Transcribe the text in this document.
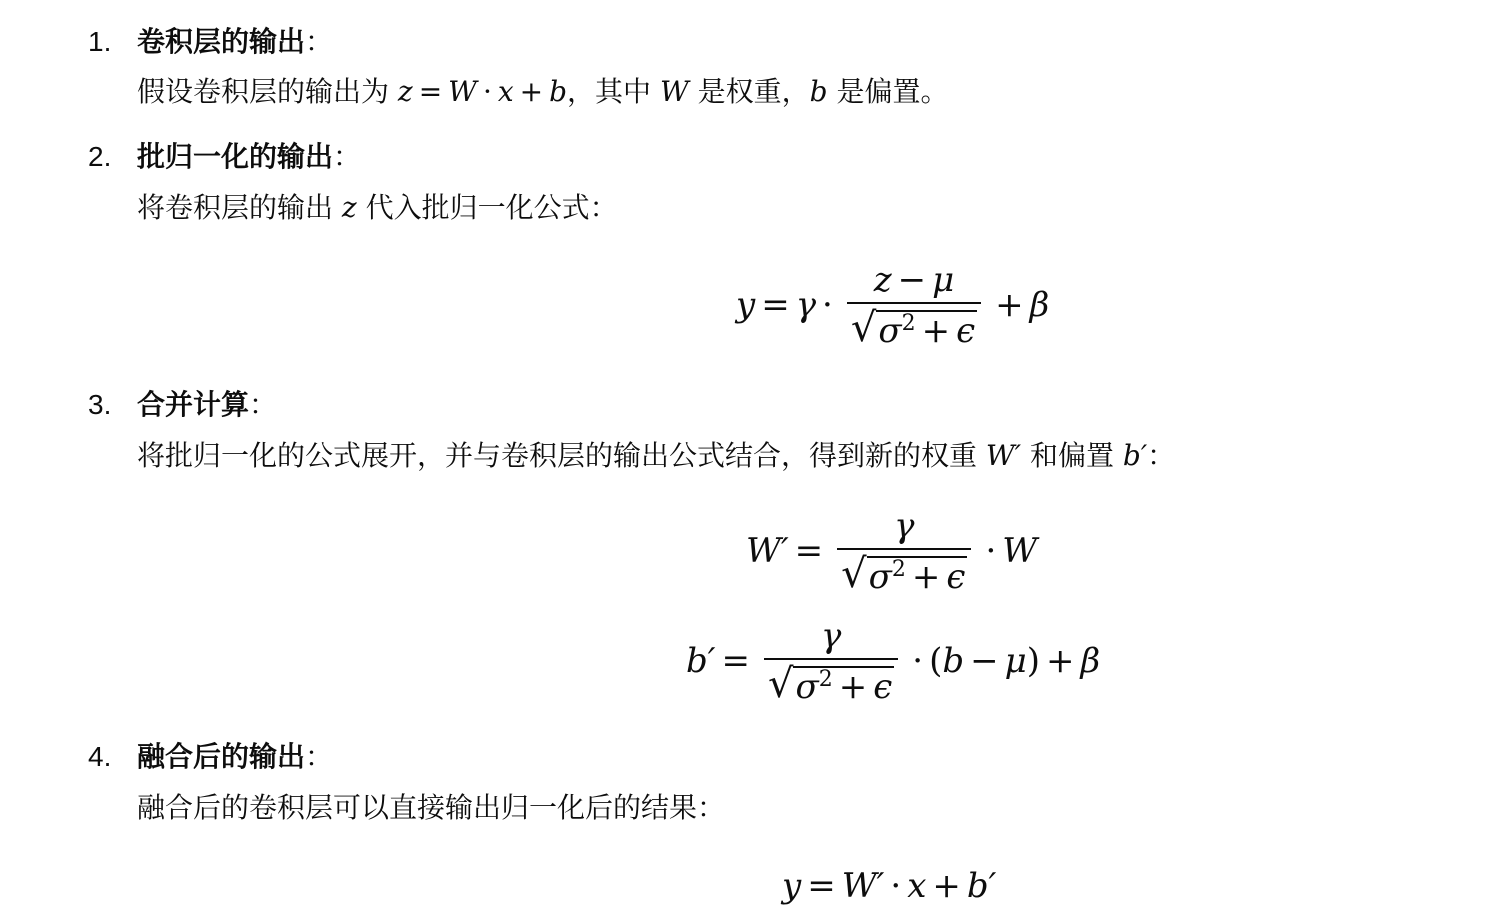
1. 卷积层的输出：
假设卷积层的输出为 z = W · x + b，其中 W 是权重，b 是偏置。
2. 批归一化的输出：
将卷积层的输出 z 代入批归一化公式：
$y = \gamma \cdot \frac{z - \mu}{√ \sigma^2 + \epsilon} + \beta$
3. 合并计算：
将批归一化的公式展开，并与卷积层的输出公式结合，得到新的权重 W′ 和偏置 b′：
$W' = \frac{\gamma}{√ \sigma^2 + \epsilon} \cdot W$
$b' = \frac{\gamma}{√ \sigma^2 + \epsilon}$ · ( b − μ ) + β
4. 融合后的输出：
融合后的卷积层可以直接输出归一化后的结果：
y = W′ · x + b′
